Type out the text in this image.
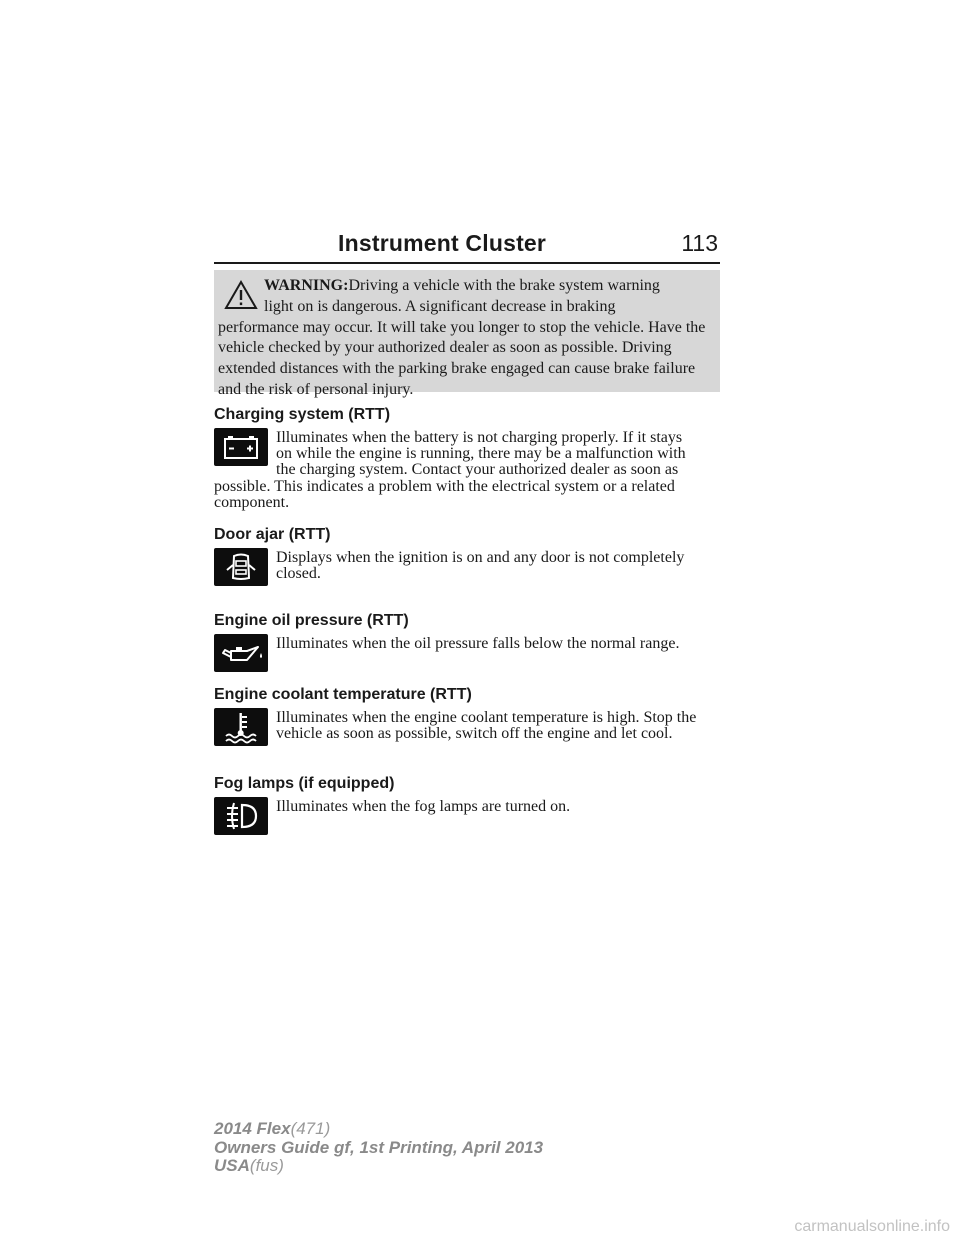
Instrument Cluster	113
WARNING:Driving a vehicle with the brake system warning
light on is dangerous. A significant decrease in braking
performance may occur. It will take you longer to stop the vehicle. Have the vehicle checked by your authorized dealer as soon as possible. Driving extended distances with the parking brake engaged can cause brake failure and the risk of personal injury.
Charging system (RTT)
Illuminates when the battery is not charging properly. If it stays
on while the engine is running, there may be a malfunction with
the charging system. Contact your authorized dealer as soon as
possible. This indicates a problem with the electrical system or a related component.
Door ajar (RTT)
Displays when the ignition is on and any door is not completely closed.
Engine oil pressure (RTT)
Illuminates when the oil pressure falls below the normal range.
Engine coolant temperature (RTT)
Illuminates when the engine coolant temperature is high. Stop the vehicle as soon as possible, switch off the engine and let cool.
Fog lamps (if equipped)
Illuminates when the fog lamps are turned on.
2014 Flex(471)
Owners Guide gf, 1st Printing, April 2013
USA(fus)
carmanualsonline.info
